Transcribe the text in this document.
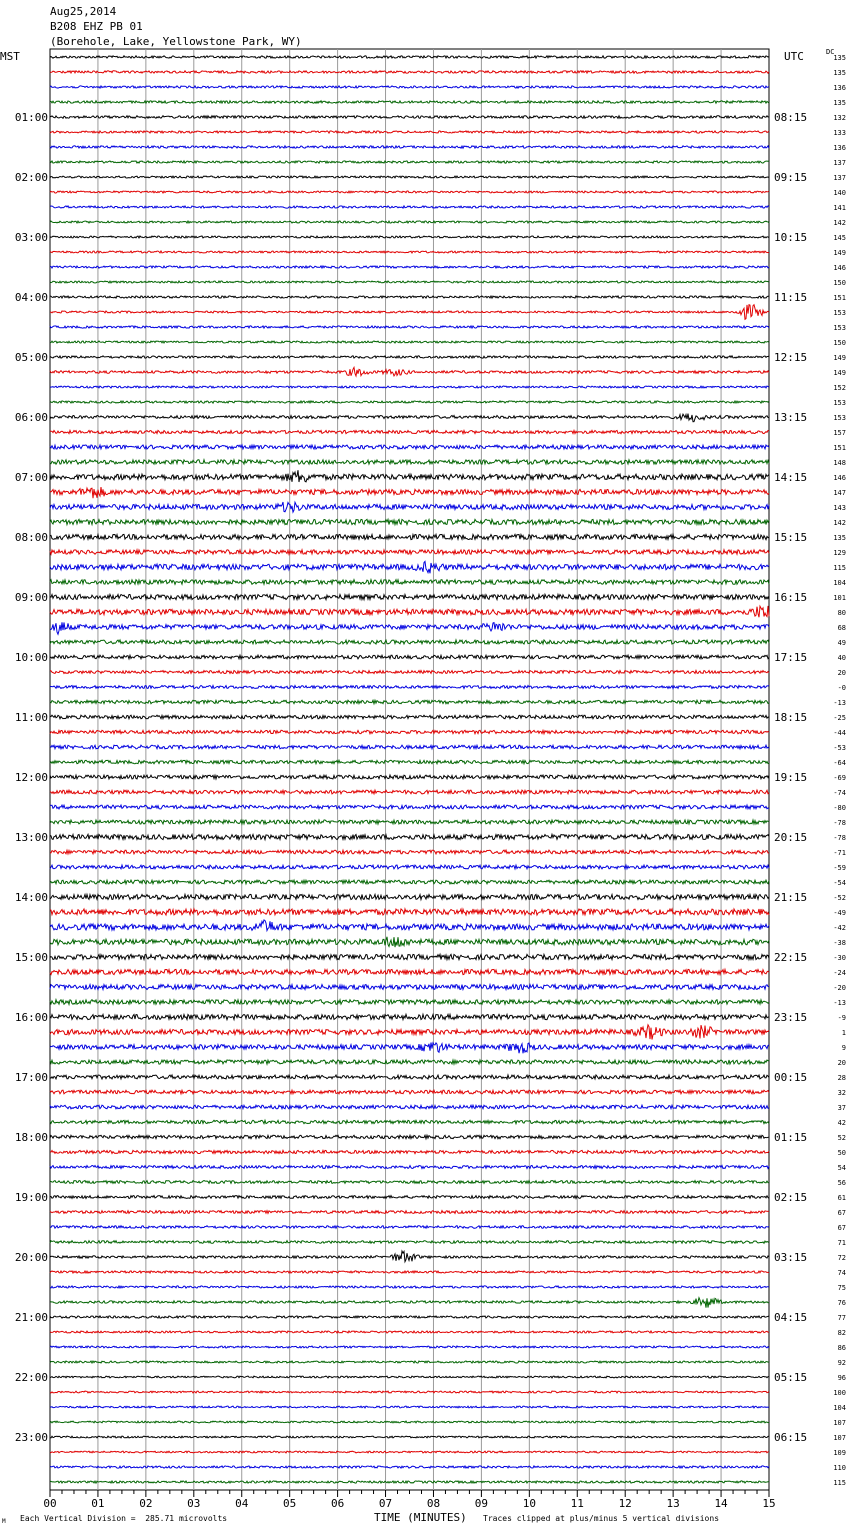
Aug25,2014
B208 EHZ PB 01
(Borehole, Lake, Yellowstone Park, WY)
MST	UTC	DC
135
135
136
135
132
133
136
137
137
140
141
142
145
149
146
150
151
153
153
150
149
149
152
153
153
157
151
148
146
147
143
142
135
129
115
104
101
80
68
49
40
20
-0
-13
-25
-44
-53
-64
-69
-74
-80
-78
-78
-71
-59
-54
-52
-49
-42
-38
-30
-24
-20
-13
-9
1
9
20
28
32
37
42
52
50
54
56
61
67
67
71
72
74
75
76
77
82
86
92
96
100
104
107
107
109
110
115
01:00	08:15
02:00	09:15
03:00	10:15
04:00	11:15
05:00	12:15
06:00	13:15
07:00	14:15
08:00	15:15
09:00	16:15
10:00	17:15
11:00	18:15
12:00	19:15
13:00	20:15
14:00	21:15
15:00	22:15
16:00	23:15
17:00	00:15
18:00	01:15
19:00	02:15
20:00	03:15
21:00	04:15
22:00	05:15
23:00	06:15
00	01	02	03	04	05	06	07	08	09	10	11	12	13	14	15
M Each Vertical Division =  285.71 microvolts	TIME (MINUTES) Traces clipped at plus/minus 5 vertical divisions
